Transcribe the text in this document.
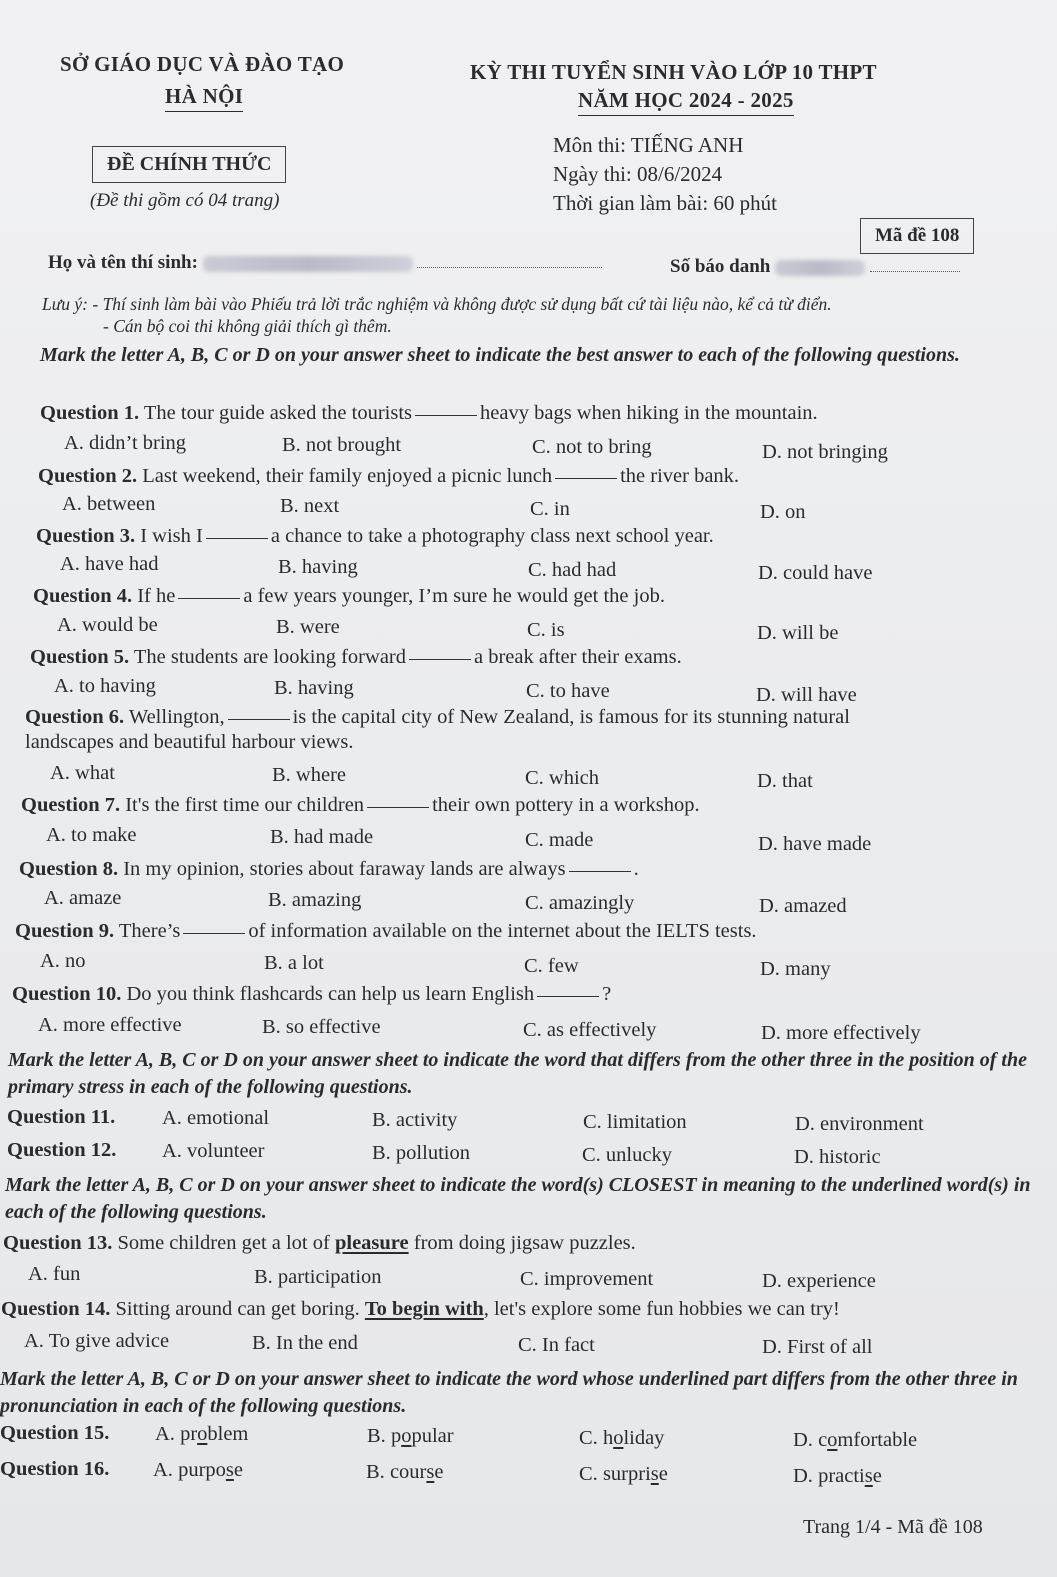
SỞ GIÁO DỤC VÀ ĐÀO TẠO
HÀ NỘI
KỲ THI TUYỂN SINH VÀO LỚP 10 THPT
NĂM HỌC 2024 - 2025
ĐỀ CHÍNH THỨC
(Đề thi gồm có 04 trang)
Môn thi: TIẾNG ANH
Ngày thi: 08/6/2024
Thời gian làm bài: 60 phút
Mã đề 108
Họ và tên thí sinh:	Số báo danh
Lưu ý: - Thí sinh làm bài vào Phiếu trả lời trắc nghiệm và không được sử dụng bất cứ tài liệu nào, kể cả từ điển.
- Cán bộ coi thi không giải thích gì thêm.
Mark the letter A, B, C or D on your answer sheet to indicate the best answer to each of the following questions.
Question 1. The tour guide asked the tourists	heavy bags when hiking in the mountain.
A. didn’t bring	B. not brought	C. not to bring	D. not bringing
Question 2. Last weekend, their family enjoyed a picnic lunch	the river bank.
A. between	B. next	C. in	D. on
Question 3. I wish I	a chance to take a photography class next school year.
A. have had	B. having	C. had had	D. could have
Question 4. If he	a few years younger, I’m sure he would get the job.
A. would be	B. were	C. is	D. will be
Question 5. The students are looking forward	a break after their exams.
A. to having	B. having	C. to have	D. will have
Question 6. Wellington,	is the capital city of New Zealand, is famous for its stunning natural
landscapes and beautiful harbour views.
A. what	B. where	C. which	D. that
Question 7. It's the first time our children	their own pottery in a workshop.
A. to make	B. had made	C. made	D. have made
Question 8. In my opinion, stories about faraway lands are always	.
A. amaze	B. amazing	C. amazingly	D. amazed
Question 9. There’s	of information available on the internet about the IELTS tests.
A. no	B. a lot	C. few	D. many
Question 10. Do you think flashcards can help us learn English	?
A. more effective	B. so effective	C. as effectively	D. more effectively
Mark the letter A, B, C or D on your answer sheet to indicate the word that differs from the other three in the position of the primary stress in each of the following questions.
Question 11. A. emotional	B. activity	C. limitation	D. environment
Question 12. A. volunteer	B. pollution	C. unlucky	D. historic
Mark the letter A, B, C or D on your answer sheet to indicate the word(s) CLOSEST in meaning to the underlined word(s) in each of the following questions.
Question 13. Some children get a lot of pleasure from doing jigsaw puzzles.
A. fun	B. participation	C. improvement	D. experience
Question 14. Sitting around can get boring. To begin with, let's explore some fun hobbies we can try!
A. To give advice	B. In the end	C. In fact	D. First of all
Mark the letter A, B, C or D on your answer sheet to indicate the word whose underlined part differs from the other three in pronunciation in each of the following questions.
Question 15. A. problem	B. popular	C. holiday	D. comfortable
Question 16. A. purpose	B. course	C. surprise	D. practise
Trang 1/4 - Mã đề 108
